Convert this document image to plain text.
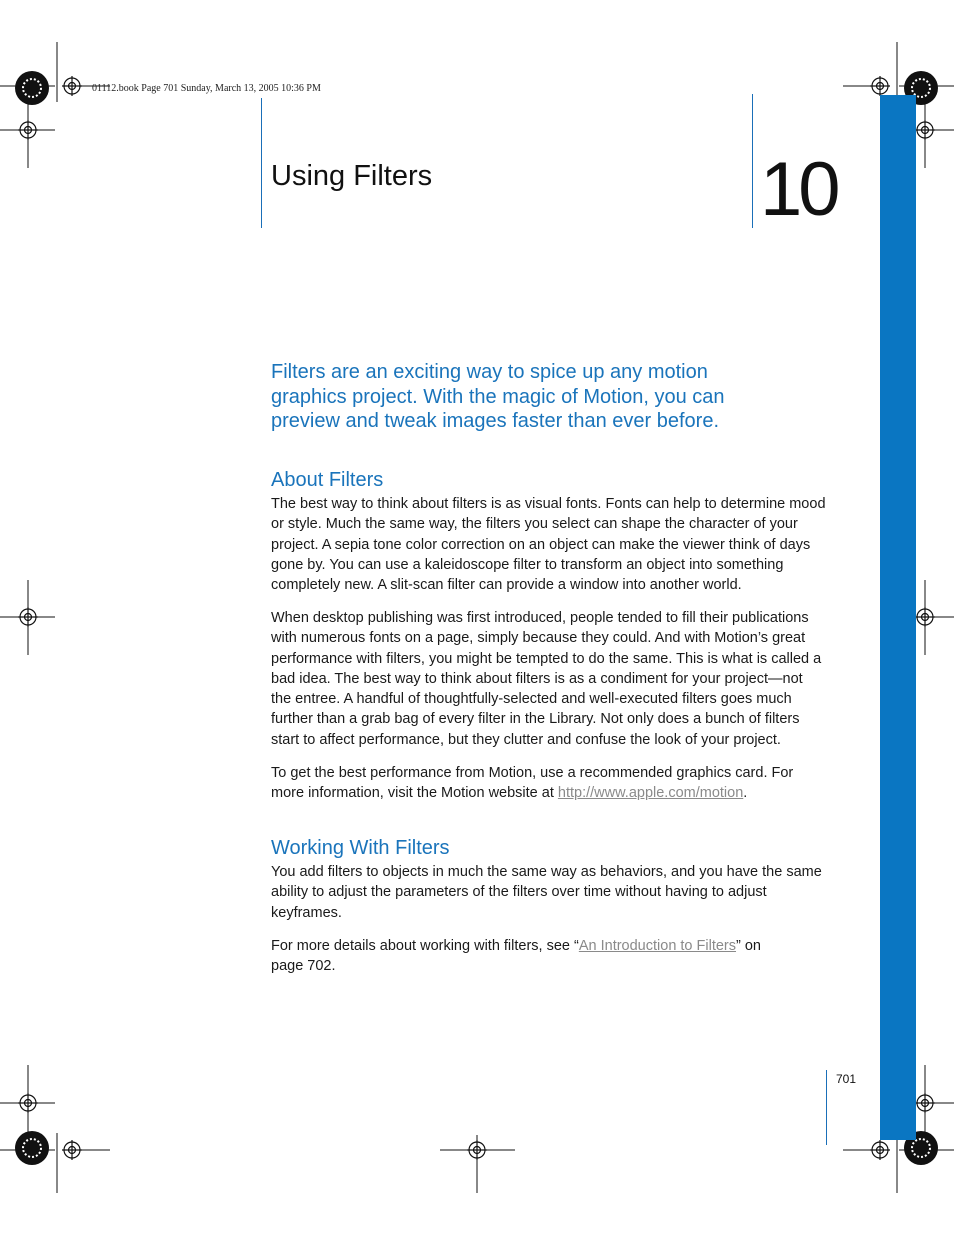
01112.book Page 701 Sunday, March 13, 2005 10:36 PM
Using Filters	10
Filters are an exciting way to spice up any motion graphics project. With the magic of Motion, you can preview and tweak images faster than ever before.
About Filters
The best way to think about filters is as visual fonts. Fonts can help to determine mood or style. Much the same way, the filters you select can shape the character of your project. A sepia tone color correction on an object can make the viewer think of days gone by. You can use a kaleidoscope filter to transform an object into something completely new. A slit-scan filter can provide a window into another world.
When desktop publishing was first introduced, people tended to fill their publications with numerous fonts on a page, simply because they could. And with Motion’s great performance with filters, you might be tempted to do the same. This is what is called a bad idea. The best way to think about filters is as a condiment for your project—not the entree. A handful of thoughtfully-selected and well-executed filters goes much further than a grab bag of every filter in the Library. Not only does a bunch of filters start to affect performance, but they clutter and confuse the look of your project.
To get the best performance from Motion, use a recommended graphics card. For more information, visit the Motion website at http://www.apple.com/motion.
Working With Filters
You add filters to objects in much the same way as behaviors, and you have the same ability to adjust the parameters of the filters over time without having to adjust keyframes.
For more details about working with filters, see “An Introduction to Filters” on page 702.
701
